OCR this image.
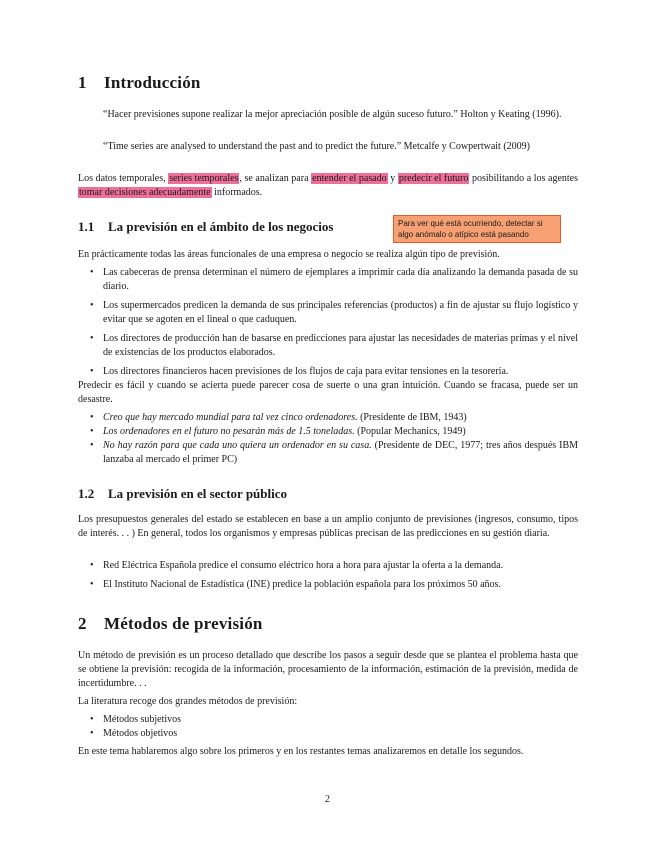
1 Introducción
“Hacer previsiones supone realizar la mejor apreciación posible de algún suceso futuro.” Holton y Keating (1996).
“Time series are analysed to understand the past and to predict the future.” Metcalfe y Cowpertwait (2009)
Los datos temporales, series temporales, se analizan para entender el pasado y predecir el futuro posibilitando a los agentes tomar decisiones adecuadamente informados.
1.1 La previsión en el ámbito de los negocios	Para ver qué está ocurriendo, detectar si algo anómalo o atípico está pasando
En prácticamente todas las áreas funcionales de una empresa o negocio se realiza algún tipo de previsión.
• Las cabeceras de prensa determinan el número de ejemplares a imprimir cada día analizando la demanda pasada de su diario.
• Los supermercados predicen la demanda de sus principales referencias (productos) a fin de ajustar su flujo logístico y evitar que se agoten en el lineal o que caduquen.
• Los directores de producción han de basarse en predicciones para ajustar las necesidades de materias primas y el nivel de existencias de los productos elaborados.
• Los directores financieros hacen previsiones de los flujos de caja para evitar tensiones en la tesorería.
Predecir es fácil y cuando se acierta puede parecer cosa de suerte o una gran intuición. Cuando se fracasa, puede ser un desastre.
• Creo que hay mercado mundial para tal vez cinco ordenadores. (Presidente de IBM, 1943)
• Los ordenadores en el futuro no pesarán más de 1.5 toneladas. (Popular Mechanics, 1949)
• No hay razón para que cada uno quiera un ordenador en su casa. (Presidente de DEC, 1977; tres años después IBM lanzaba al mercado el primer PC)
1.2 La previsión en el sector público
Los presupuestos generales del estado se establecen en base a un amplio conjunto de previsiones (ingresos, consumo, tipos de interés. . . ) En general, todos los organismos y empresas públicas precisan de las predicciones en su gestión diaria.
• Red Eléctrica Española predice el consumo eléctrico hora a hora para ajustar la oferta a la demanda.
• El Instituto Nacional de Estadística (INE) predice la población española para los próximos 50 años.
2 Métodos de previsión
Un método de previsión es un proceso detallado que describe los pasos a seguir desde que se plantea el problema hasta que se obtiene la previsión: recogida de la información, procesamiento de la información, estimación de la previsión, medida de incertidumbre. . .
La literatura recoge dos grandes métodos de previsión:
• Métodos subjetivos
• Métodos objetivos
En este tema hablaremos algo sobre los primeros y en los restantes temas analizaremos en detalle los segundos.
2
